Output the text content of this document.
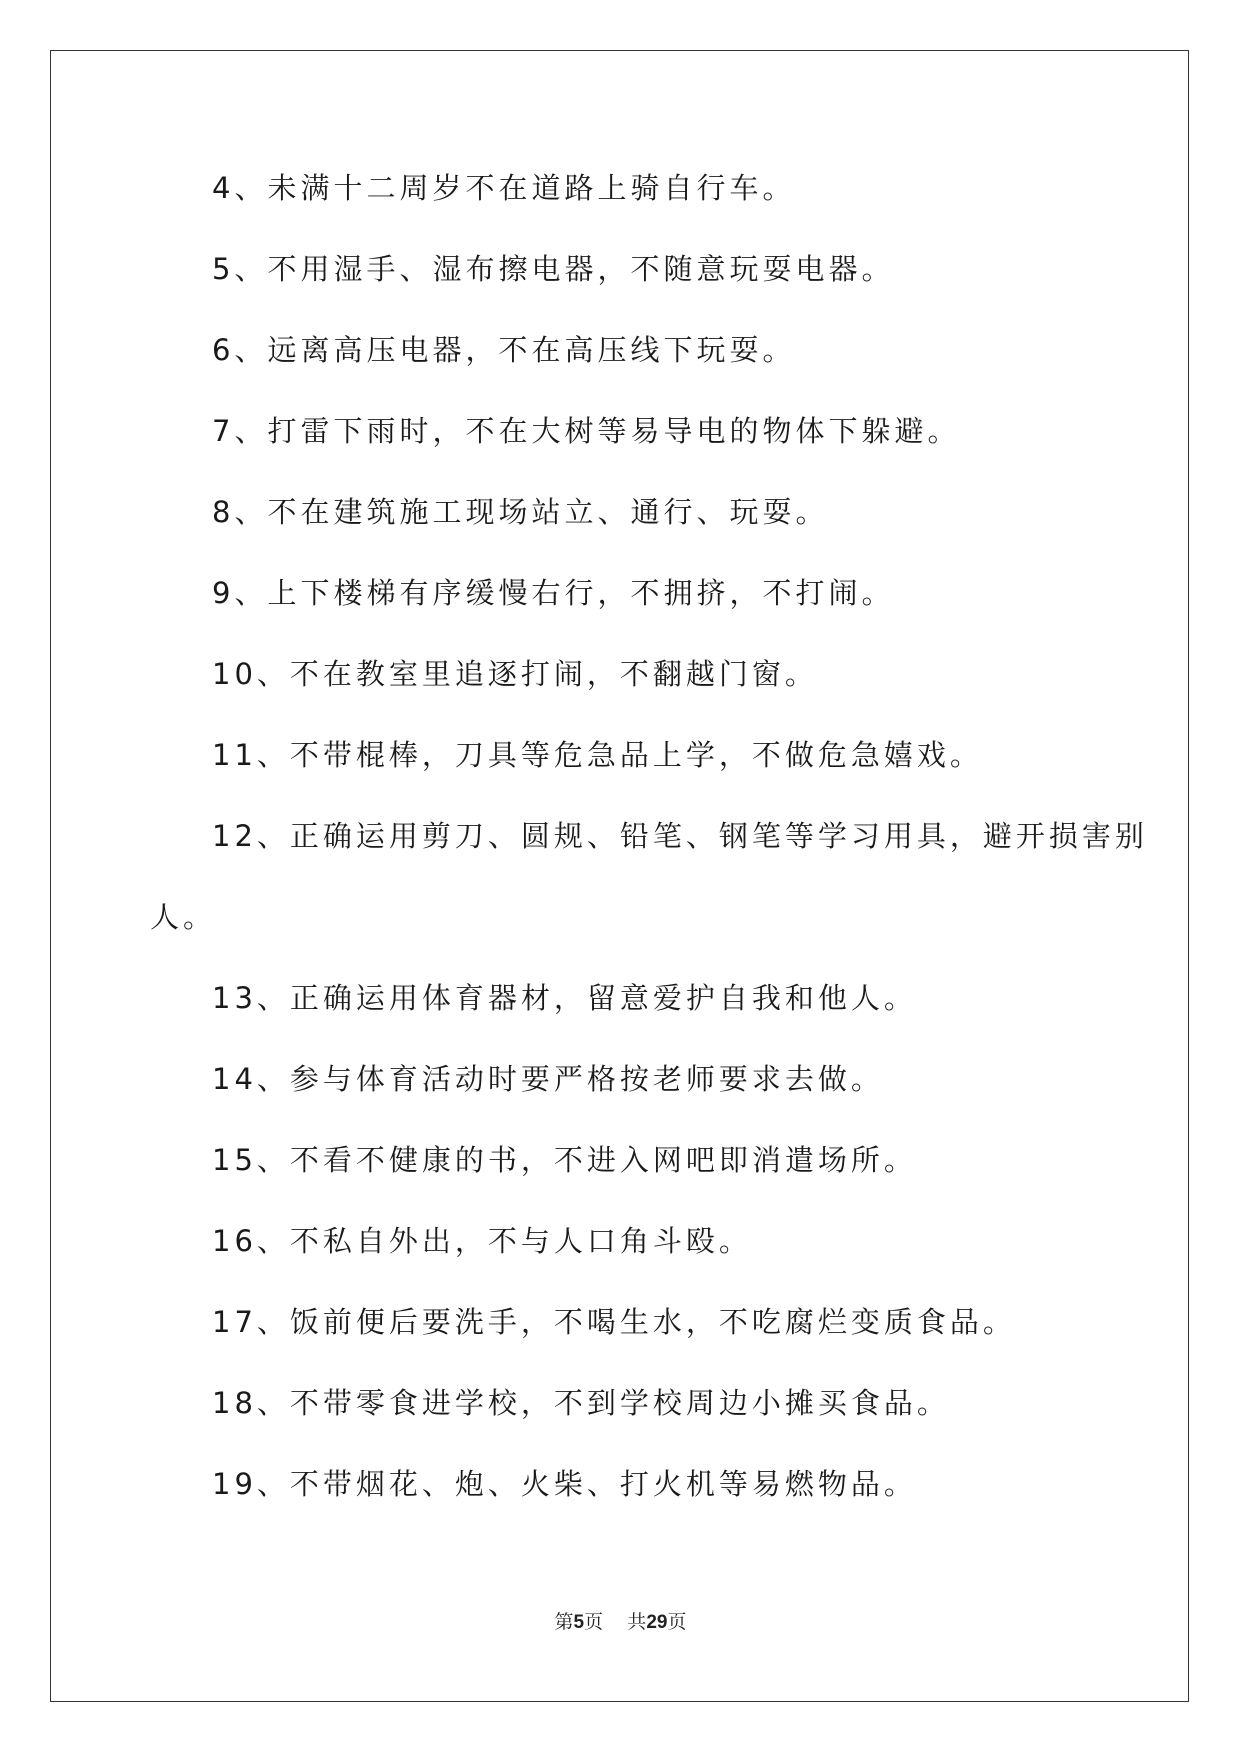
4、未满十二周岁不在道路上骑自行车。
5、不用湿手、湿布擦电器，不随意玩耍电器。
6、远离高压电器，不在高压线下玩耍。
7、打雷下雨时，不在大树等易导电的物体下躲避。
8、不在建筑施工现场站立、通行、玩耍。
9、上下楼梯有序缓慢右行，不拥挤，不打闹。
10、不在教室里追逐打闹，不翻越门窗。
11、不带棍棒，刀具等危急品上学，不做危急嬉戏。
12、正确运用剪刀、圆规、铅笔、钢笔等学习用具，避开损害别
人。
13、正确运用体育器材，留意爱护自我和他人。
14、参与体育活动时要严格按老师要求去做。
15、不看不健康的书，不进入网吧即消遣场所。
16、不私自外出，不与人口角斗殴。
17、饭前便后要洗手，不喝生水，不吃腐烂变质食品。
18、不带零食进学校，不到学校周边小摊买食品。
19、不带烟花、炮、火柴、打火机等易燃物品。
第5页 共29页
